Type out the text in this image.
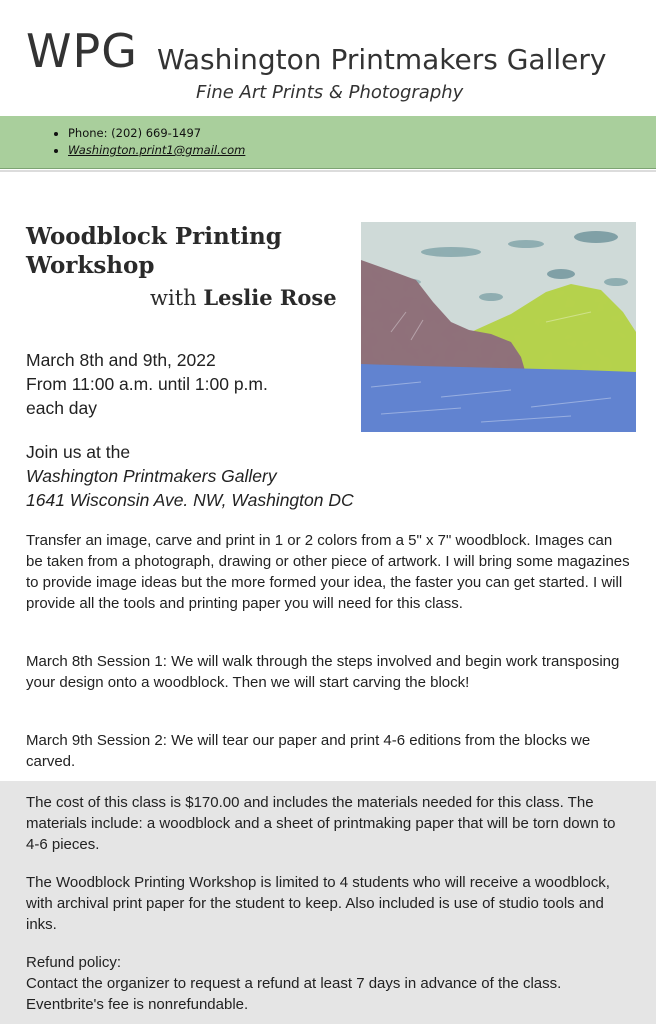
WPG Washington Printmakers Gallery
Fine Art Prints & Photography
• Phone: (202) 669-1497
• Washington.print1@gmail.com
Woodblock Printing
Workshop
with Leslie Rose
March 8th and 9th, 2022
From 11:00 a.m. until 1:00 p.m.
each day
Join us at the
Washington Printmakers Gallery
1641 Wisconsin Ave. NW, Washington DC

Transfer an image, carve and print in 1 or 2 colors from a 5" x 7" woodblock. Images can be taken from a photograph, drawing or other piece of artwork. I will bring some magazines to provide image ideas but the more formed your idea, the faster you can get started. I will provide all the tools and printing paper you will need for this class.

March 8th Session 1: We will walk through the steps involved and begin work transposing your design onto a woodblock. Then we will start carving the block!

March 9th Session 2: We will tear our paper and print 4-6 editions from the blocks we carved.

The cost of this class is $170.00 and includes the materials needed for this class. The materials include: a woodblock and a sheet of printmaking paper that will be torn down to 4-6 pieces.

The Woodblock Printing Workshop is limited to 4 students who will receive a woodblock, with archival print paper for the student to keep. Also included is use of studio tools and inks.

Refund policy:
Contact the organizer to request a refund at least 7 days in advance of the class. Eventbrite's fee is nonrefundable.
